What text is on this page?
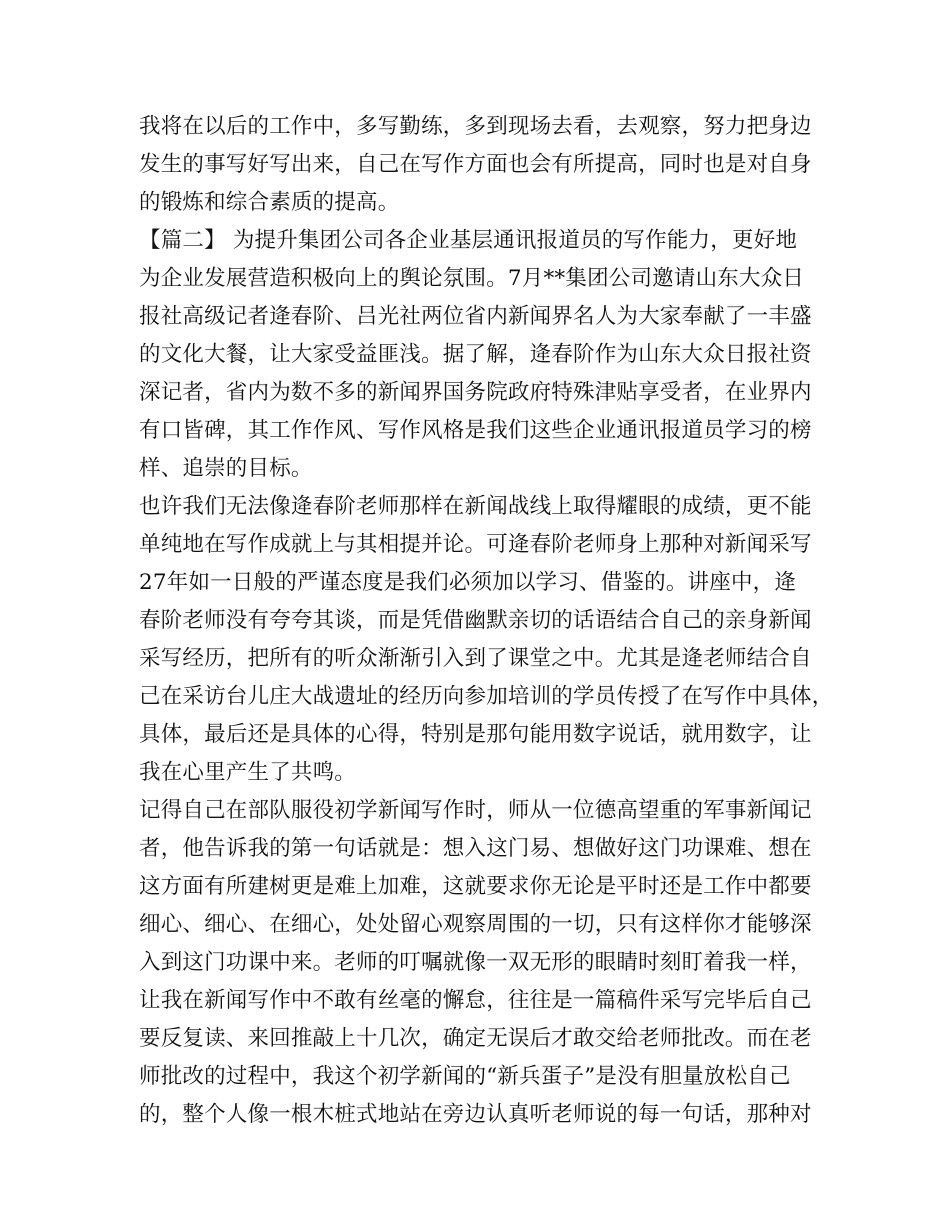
我将在以后的工作中，多写勤练，多到现场去看，去观察，努力把身边
发生的事写好写出来，自己在写作方面也会有所提高，同时也是对自身
的锻炼和综合素质的提高。
【篇二】 为提升集团公司各企业基层通讯报道员的写作能力，更好地
为企业发展营造积极向上的舆论氛围。7月**集团公司邀请山东大众日
报社高级记者逄春阶、吕光社两位省内新闻界名人为大家奉献了一丰盛
的文化大餐，让大家受益匪浅。据了解，逄春阶作为山东大众日报社资
深记者，省内为数不多的新闻界国务院政府特殊津贴享受者，在业界内
有口皆碑，其工作作风、写作风格是我们这些企业通讯报道员学习的榜
样、追崇的目标。
也许我们无法像逄春阶老师那样在新闻战线上取得耀眼的成绩，更不能
单纯地在写作成就上与其相提并论。可逄春阶老师身上那种对新闻采写
27年如一日般的严谨态度是我们必须加以学习、借鉴的。讲座中，逄
春阶老师没有夸夸其谈，而是凭借幽默亲切的话语结合自己的亲身新闻
采写经历，把所有的听众渐渐引入到了课堂之中。尤其是逄老师结合自
己在采访台儿庄大战遗址的经历向参加培训的学员传授了在写作中具体，
具体，最后还是具体的心得，特别是那句能用数字说话，就用数字，让
我在心里产生了共鸣。
记得自己在部队服役初学新闻写作时，师从一位德高望重的军事新闻记
者，他告诉我的第一句话就是：想入这门易、想做好这门功课难、想在
这方面有所建树更是难上加难，这就要求你无论是平时还是工作中都要
细心、细心、在细心，处处留心观察周围的一切，只有这样你才能够深
入到这门功课中来。老师的叮嘱就像一双无形的眼睛时刻盯着我一样，
让我在新闻写作中不敢有丝毫的懈怠，往往是一篇稿件采写完毕后自己
要反复读、来回推敲上十几次，确定无误后才敢交给老师批改。而在老
师批改的过程中，我这个初学新闻的“新兵蛋子”是没有胆量放松自己
的，整个人像一根木桩式地站在旁边认真听老师说的每一句话，那种对
